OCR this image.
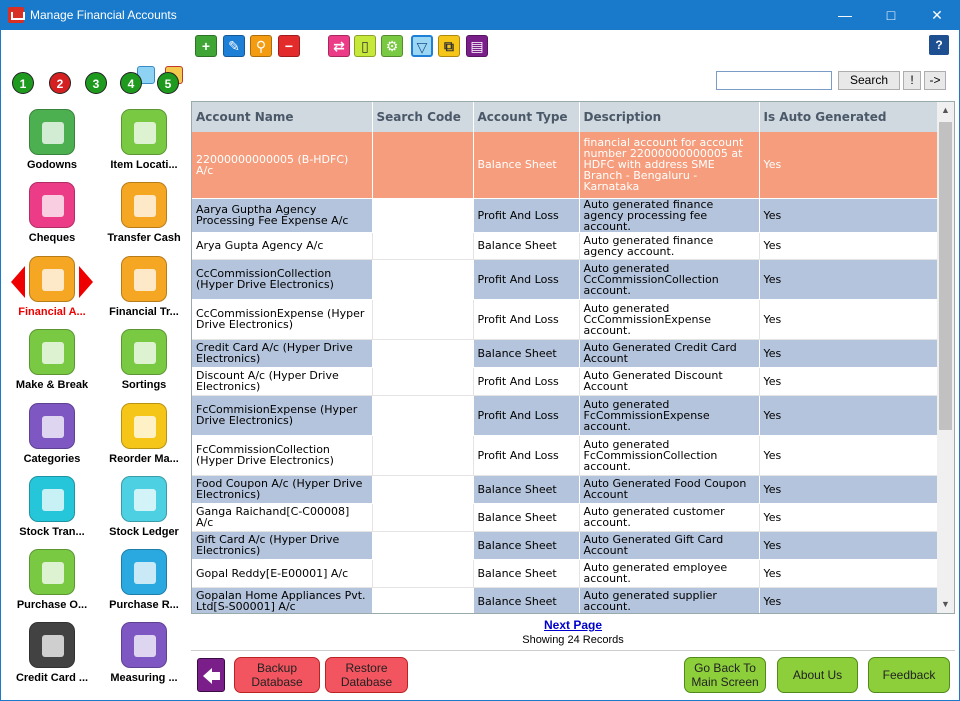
Manage Financial Accounts	—	□	✕
1	2	3	4	5
Godowns	Item Locati...
Cheques	Transfer Cash
Financial A...	Financial Tr...
Make & Break	Sortings
Categories	Reorder Ma...
Stock Tran...	Stock Ledger
Purchase O...	Purchase R...
Credit Card ...	Measuring ...
+	✎	⚲	−	⇄	▯	⚙	▽	⧉	▤	?
Search	!	->
Account Name	Search Code	Account Type	Description	Is Auto Generated
22000000000005 (B-HDFC) A/c		Balance Sheet	financial account for account number 22000000000005 at HDFC with address SME Branch - Bengaluru - Karnataka	Yes
Aarya Guptha Agency Processing Fee Expense A/c		Profit And Loss	Auto generated finance agency processing fee account.	Yes
Arya Gupta Agency A/c		Balance Sheet	Auto generated finance agency account.	Yes
CcCommissionCollection (Hyper Drive Electronics)		Profit And Loss	Auto generated CcCommissionCollection account.	Yes
CcCommissionExpense (Hyper Drive Electronics)		Profit And Loss	Auto generated CcCommissionExpense account.	Yes
Credit Card A/c (Hyper Drive Electronics)		Balance Sheet	Auto Generated Credit Card Account	Yes
Discount A/c (Hyper Drive Electronics)		Profit And Loss	Auto Generated Discount Account	Yes
FcCommisionExpense (Hyper Drive Electronics)		Profit And Loss	Auto generated FcCommissionExpense account.	Yes
FcCommissionCollection (Hyper Drive Electronics)		Profit And Loss	Auto generated FcCommissionCollection account.	Yes
Food Coupon A/c (Hyper Drive Electronics)		Balance Sheet	Auto Generated Food Coupon Account	Yes
Ganga Raichand[C-C00008] A/c		Balance Sheet	Auto generated customer account.	Yes
Gift Card A/c (Hyper Drive Electronics)		Balance Sheet	Auto Generated Gift Card Account	Yes
Gopal Reddy[E-E00001] A/c		Balance Sheet	Auto generated employee account.	Yes
Gopalan Home Appliances Pvt. Ltd[S-S00001] A/c		Balance Sheet	Auto generated supplier account.	Yes
▲
▼
Next Page
Showing 24 Records
Backup Database
Restore Database
Go Back To Main Screen	About Us	Feedback
